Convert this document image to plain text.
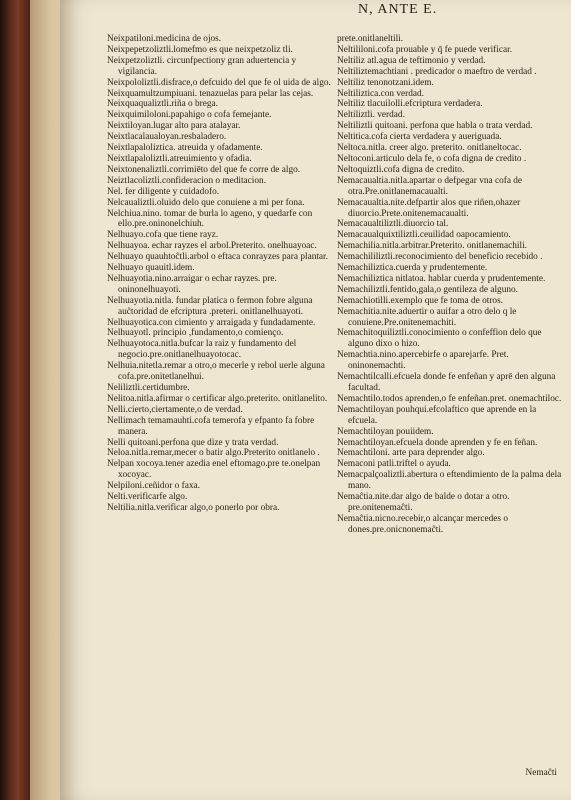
N, ANTE E.

Neixpatiloni.medicina de ojos.

Neixpepetzoliztli.lomefmo es que neixpetzoliz tli.

Neixpetzoliztli. circunfpectiony gran aduertencia y vigilancia.

Neixpololiztli.disfrace,o defcuido del que fe ol uida de algo.

Neixquamultzumpiuani. tenazuelas para pelar las cejas.

Neixquaqualiztli.riña o brega.

Neixquimiloloni.papahigo o cofa femejante.

Neixtiloyan.lugar alto para atalayar.

Neixtlacalaualoyan.resbaladero.

Neixtlapaloliztica. atreuida y ofadamente.

Neixtlapaloliztli.atreuimiento y ofadia.

Neixtonenaliztli.corrimiēto del que fe corre de algo.

Neiztlacoliztli.confideracion o meditacion.

Nel. fer diligente y cuidadofo.

Nelcaualiztli.oluido delo que conuiene a mi per fona.

Nelchiua.nino. tomar de burla lo ageno, y quedarfe con ello.pre.oninonelchiuh.

Nelhuayo.cofa que tiene rayz.

Nelhuayoa. echar rayzes el arbol.Preterito. onelhuayoac.

Nelhuayo quauhtoĉtli.arbol o eftaca conrayzes para plantar.

Nelhuayo quauitl.idem.

Nelhuayotia.nino.arraigar o echar rayzes. pre. oninonelhuayoti.

Nelhuayotia.nitla. fundar platica o fermon fobre alguna auĉtoridad de efcriptura .preteri. onitlanelhuayoti.

Nelhuayotica.con cimiento y arraigada y fundadamente.

Nelhuayotl. principio ,fundamento,o comienço.

Nelhuayotoca.nitla.bufcar la raiz y fundamento del negocio.pre.onitlanelhuayotocac.

Nelhuia.nitetla.remar a otro,o mecerle y rebol uerle alguna cofa.pre.onitetlanelhui.

Neliliztli.certidumbre.

Nelitoa.nitla.afirmar o certificar algo.preterito. onitlanelito.

Nelli.cierto,ciertamente,o de verdad.

Nellimach temamauhti.cofa temerofa y efpanto fa fobre manera.

Nelli quitoani.perfona que dize y trata verdad.

Neloa.nitla.remar,mecer o batir algo.Preterito onitlanelo .

Nelpan xocoya.tener azedia enel eftomago.pre te.onelpan xocoyac.

Nelpiloni.ceñidor o faxa.

Nelti.verificarfe algo.

Neltilia.nitla.verificar algo,o ponerlo por obra.

prete.onitlaneltili.

Neltililoni.cofa prouable y q̄ fe puede verificar.

Neltiliz atl.agua de teftimonio y verdad.

Neltiliztemachtiani . predicador o maeftro de verdad .

Neltiliz tenonotzani.idem.

Neltiliztica.con verdad.

Neltiliz tlacuilolli.efcriptura verdadera.

Neltiliztli. verdad.

Neltiliztli quitoani. perfona que habla o trata verdad.

Neltitica.cofa cierta verdadera y aueriguada.

Neltoca.nitla. creer algo. preterito. onitlaneltocac.

Neltoconi.articulo dela fe, o cofa digna de credito .

Neltoquiztli.cofa digna de credito.

Nemacaualtia.nitla.apartar o defpegar vna cofa de otra.Pre.onitlanemacaualti.

Nemacaualtia.nite.defpartir alos que riñen,ohazer diuorcio.Prete.onitenemacaualti.

Nemacaualtiliztli.diuorcio tal.

Nemacaualquixtiliztli.ceuilidad oapocamiento.

Nemachilia.nitla.arbitrar.Preterito. onitlanemachili.

Nemachililiztli.reconocimiento del beneficio recebido .

Nemachiliztica.cuerda y prudentemente.

Nemachiliztica nitlatoa. hablar cuerda y prudentemente.

Nemachiliztli.fentido,gala,o gentileza de alguno.

Nemachiotilli.exemplo que fe toma de otros.

Nemachitia.nite.aduertir o auifar a otro delo q le conuiene.Pre.onitenemachiti.

Nemachitoquiliztli.conocimiento o confeffion delo que alguno dixo o hizo.

Nemachtia.nino.apercebirfe o aparejarfe. Pret. oninonemachti.

Nemachtilcalli.efcuela donde fe enfeñan y aprē den alguna facultad.

Nemachtilo.todos aprenden,o fe enfeñan.pret. onemachtiloc.

Nemachtiloyan pouhqui.efcolaftico que aprende en la efcuela.

Nemachtiloyan pouiidem.

Nemachtiloyan.efcuela donde aprenden y fe en feñan.

Nemachtiloni. arte para deprender algo.

Nemaconi patli.triftel o ayuda.

Nemacpalçoaliztli.abertura o eftendimiento de la palma dela mano.

Nemaĉtia.nite.dar algo de balde o dotar a otro. pre.onitenemaĉti.

Nemaĉtia.nicno.recebir,o alcançar mercedes o dones.pre.onicnonemaĉti.

Nemaĉti
